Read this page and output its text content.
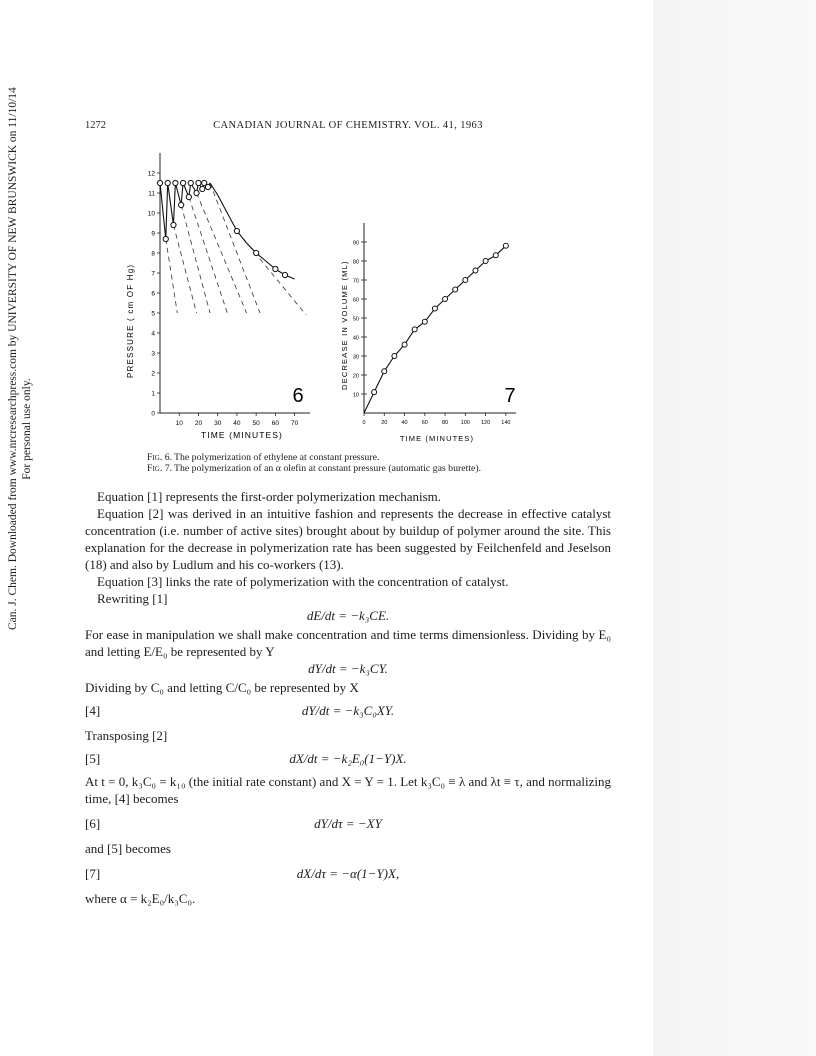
Can. J. Chem. Downloaded from www.nrcresearchpress.com by UNIVERSITY OF NEW BRUNSWICK on 11/10/14 For personal use only.
1272	CANADIAN JOURNAL OF CHEMISTRY. VOL. 41, 1963
PRESSURE ( cm OF Hg)
TIME (MINUTES)
6
0
1
2
3
4
5
6
7
8
9
10
11
12
10 20 30 40 50 60 70
DECREASE IN VOLUME (ML)
TIME (MINUTES)
7
10
20
30
40
50
60
70
80
90
0	20	40	60	80 100 120 140
Fig. 6. The polymerization of ethylene at constant pressure.
Fig. 7. The polymerization of an α olefin at constant pressure (automatic gas burette).

Equation [1] represents the first-order polymerization mechanism.

Equation [2] was derived in an intuitive fashion and represents the decrease in effective catalyst concentration (i.e. number of active sites) brought about by buildup of polymer around the site. This explanation for the decrease in polymerization rate has been suggested by Feilchenfeld and Jeselson (18) and also by Ludlum and his co-workers (13).

Equation [3] links the rate of polymerization with the concentration of catalyst.

Rewriting [1]

dE/dt = −k₃CE.

For ease in manipulation we shall make concentration and time terms dimensionless. Dividing by E₀ and letting E/E₀ be represented by Y

dY/dt = −k₃CY.

Dividing by C₀ and letting C/C₀ be represented by X

[4]	dY/dt = −k₃C₀XY.

Transposing [2]

[5]	dX/dt = −k₂E₀(1−Y)X.

At t = 0, k₃C₀ = k₁₀ (the initial rate constant) and X = Y = 1. Let k₃C₀ ≡ λ and λt ≡ τ, and normalizing time, [4] becomes

[6]	dY/dτ = −XY

and [5] becomes

[7]	dX/dτ = −α(1−Y)X,

where α = k₂E₀/k₃C₀.
